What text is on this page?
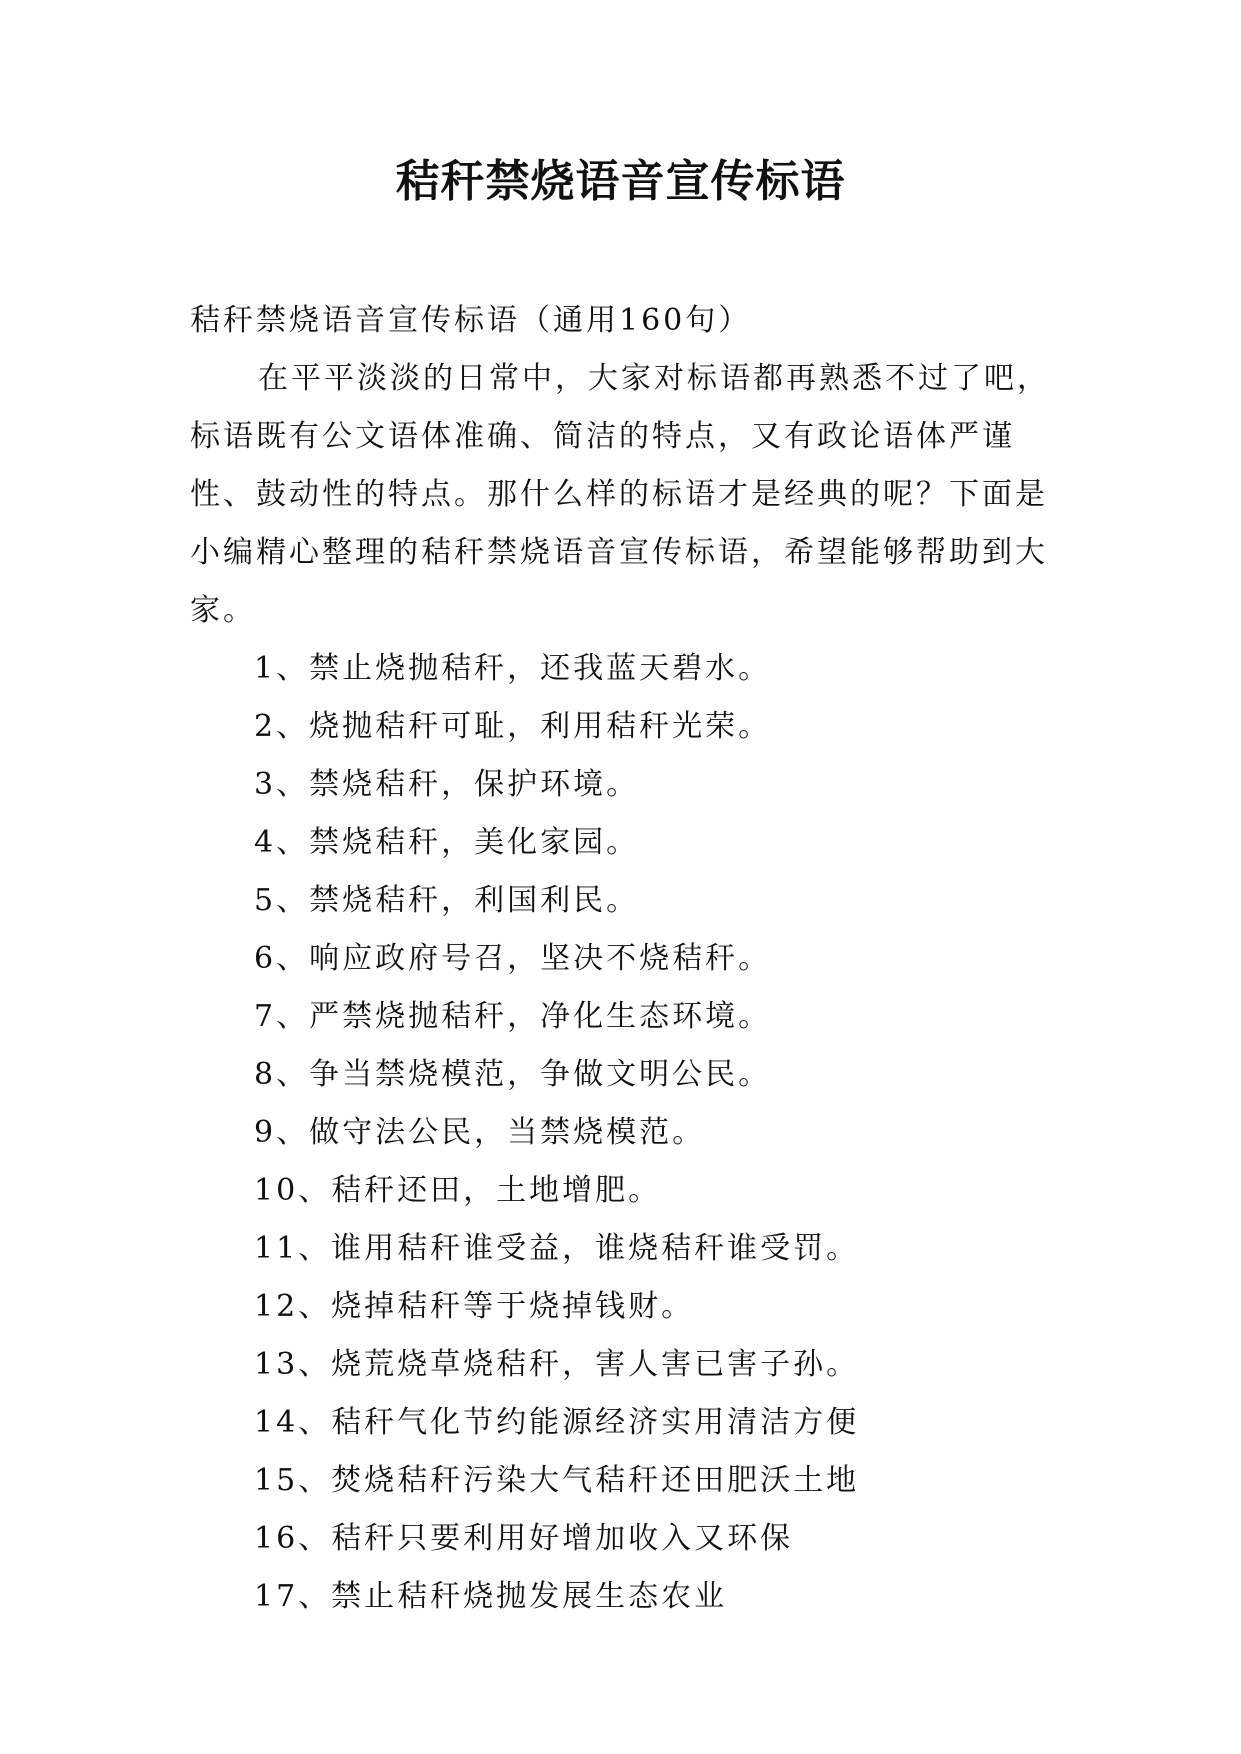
秸秆禁烧语音宣传标语

秸秆禁烧语音宣传标语（通用160句）

在平平淡淡的日常中，大家对标语都再熟悉不过了吧，标语既有公文语体准确、简洁的特点，又有政论语体严谨性、鼓动性的特点。那什么样的标语才是经典的呢？下面是小编精心整理的秸秆禁烧语音宣传标语，希望能够帮助到大家。

1、禁止烧抛秸秆，还我蓝天碧水。

2、烧抛秸秆可耻，利用秸秆光荣。

3、禁烧秸秆，保护环境。

4、禁烧秸秆，美化家园。

5、禁烧秸秆，利国利民。

6、响应政府号召，坚决不烧秸秆。

7、严禁烧抛秸秆，净化生态环境。

8、争当禁烧模范，争做文明公民。

9、做守法公民，当禁烧模范。

10、秸秆还田，土地增肥。

11、谁用秸秆谁受益，谁烧秸秆谁受罚。

12、烧掉秸秆等于烧掉钱财。

13、烧荒烧草烧秸秆，害人害已害子孙。

14、秸秆气化节约能源经济实用清洁方便

15、焚烧秸秆污染大气秸秆还田肥沃土地

16、秸秆只要利用好增加收入又环保

17、禁止秸秆烧抛发展生态农业
